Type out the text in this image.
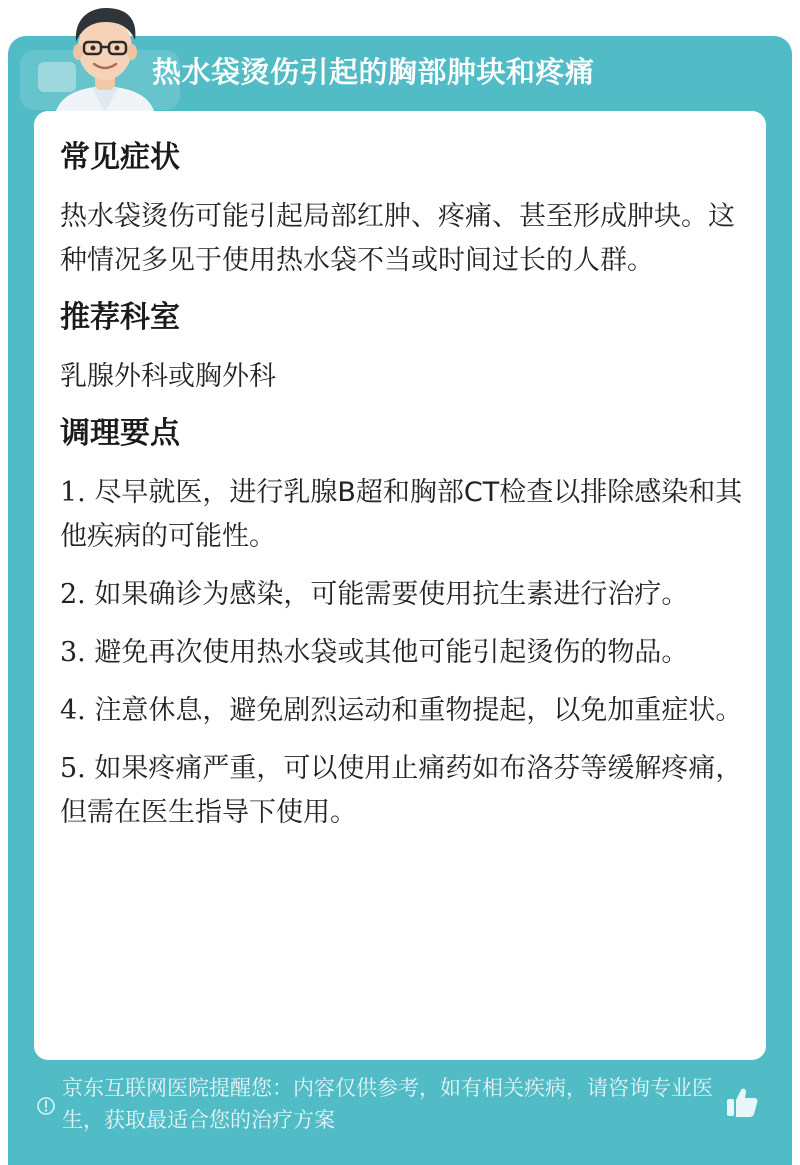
热水袋烫伤引起的胸部肿块和疼痛
常见症状

热水袋烫伤可能引起局部红肿、疼痛、甚至形成肿块。这种情况多见于使用热水袋不当或时间过长的人群。

推荐科室

乳腺外科或胸外科

调理要点
1. 尽早就医，进行乳腺B超和胸部CT检查以排除感染和其他疾病的可能性。
2. 如果确诊为感染，可能需要使用抗生素进行治疗。
3. 避免再次使用热水袋或其他可能引起烫伤的物品。
4. 注意休息，避免剧烈运动和重物提起，以免加重症状。
5. 如果疼痛严重，可以使用止痛药如布洛芬等缓解疼痛，但需在医生指导下使用。
京东互联网医院提醒您：内容仅供参考，如有相关疾病，请咨询专业医生，获取最适合您的治疗方案
